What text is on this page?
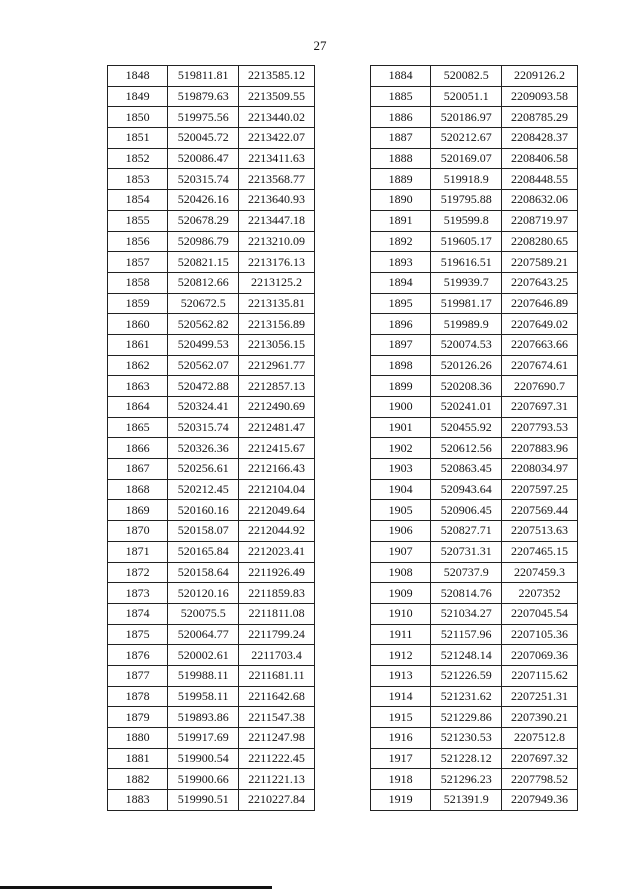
27
1848	519811.81	2213585.12
1849	519879.63	2213509.55
1850	519975.56	2213440.02
1851	520045.72	2213422.07
1852	520086.47	2213411.63
1853	520315.74	2213568.77
1854	520426.16	2213640.93
1855	520678.29	2213447.18
1856	520986.79	2213210.09
1857	520821.15	2213176.13
1858	520812.66	2213125.2
1859	520672.5	2213135.81
1860	520562.82	2213156.89
1861	520499.53	2213056.15
1862	520562.07	2212961.77
1863	520472.88	2212857.13
1864	520324.41	2212490.69
1865	520315.74	2212481.47
1866	520326.36	2212415.67
1867	520256.61	2212166.43
1868	520212.45	2212104.04
1869	520160.16	2212049.64
1870	520158.07	2212044.92
1871	520165.84	2212023.41
1872	520158.64	2211926.49
1873	520120.16	2211859.83
1874	520075.5	2211811.08
1875	520064.77	2211799.24
1876	520002.61	2211703.4
1877	519988.11	2211681.11
1878	519958.11	2211642.68
1879	519893.86	2211547.38
1880	519917.69	2211247.98
1881	519900.54	2211222.45
1882	519900.66	2211221.13
1883	519990.51	2210227.84
1884	520082.5	2209126.2
1885	520051.1	2209093.58
1886	520186.97	2208785.29
1887	520212.67	2208428.37
1888	520169.07	2208406.58
1889	519918.9	2208448.55
1890	519795.88	2208632.06
1891	519599.8	2208719.97
1892	519605.17	2208280.65
1893	519616.51	2207589.21
1894	519939.7	2207643.25
1895	519981.17	2207646.89
1896	519989.9	2207649.02
1897	520074.53	2207663.66
1898	520126.26	2207674.61
1899	520208.36	2207690.7
1900	520241.01	2207697.31
1901	520455.92	2207793.53
1902	520612.56	2207883.96
1903	520863.45	2208034.97
1904	520943.64	2207597.25
1905	520906.45	2207569.44
1906	520827.71	2207513.63
1907	520731.31	2207465.15
1908	520737.9	2207459.3
1909	520814.76	2207352
1910	521034.27	2207045.54
1911	521157.96	2207105.36
1912	521248.14	2207069.36
1913	521226.59	2207115.62
1914	521231.62	2207251.31
1915	521229.86	2207390.21
1916	521230.53	2207512.8
1917	521228.12	2207697.32
1918	521296.23	2207798.52
1919	521391.9	2207949.36
